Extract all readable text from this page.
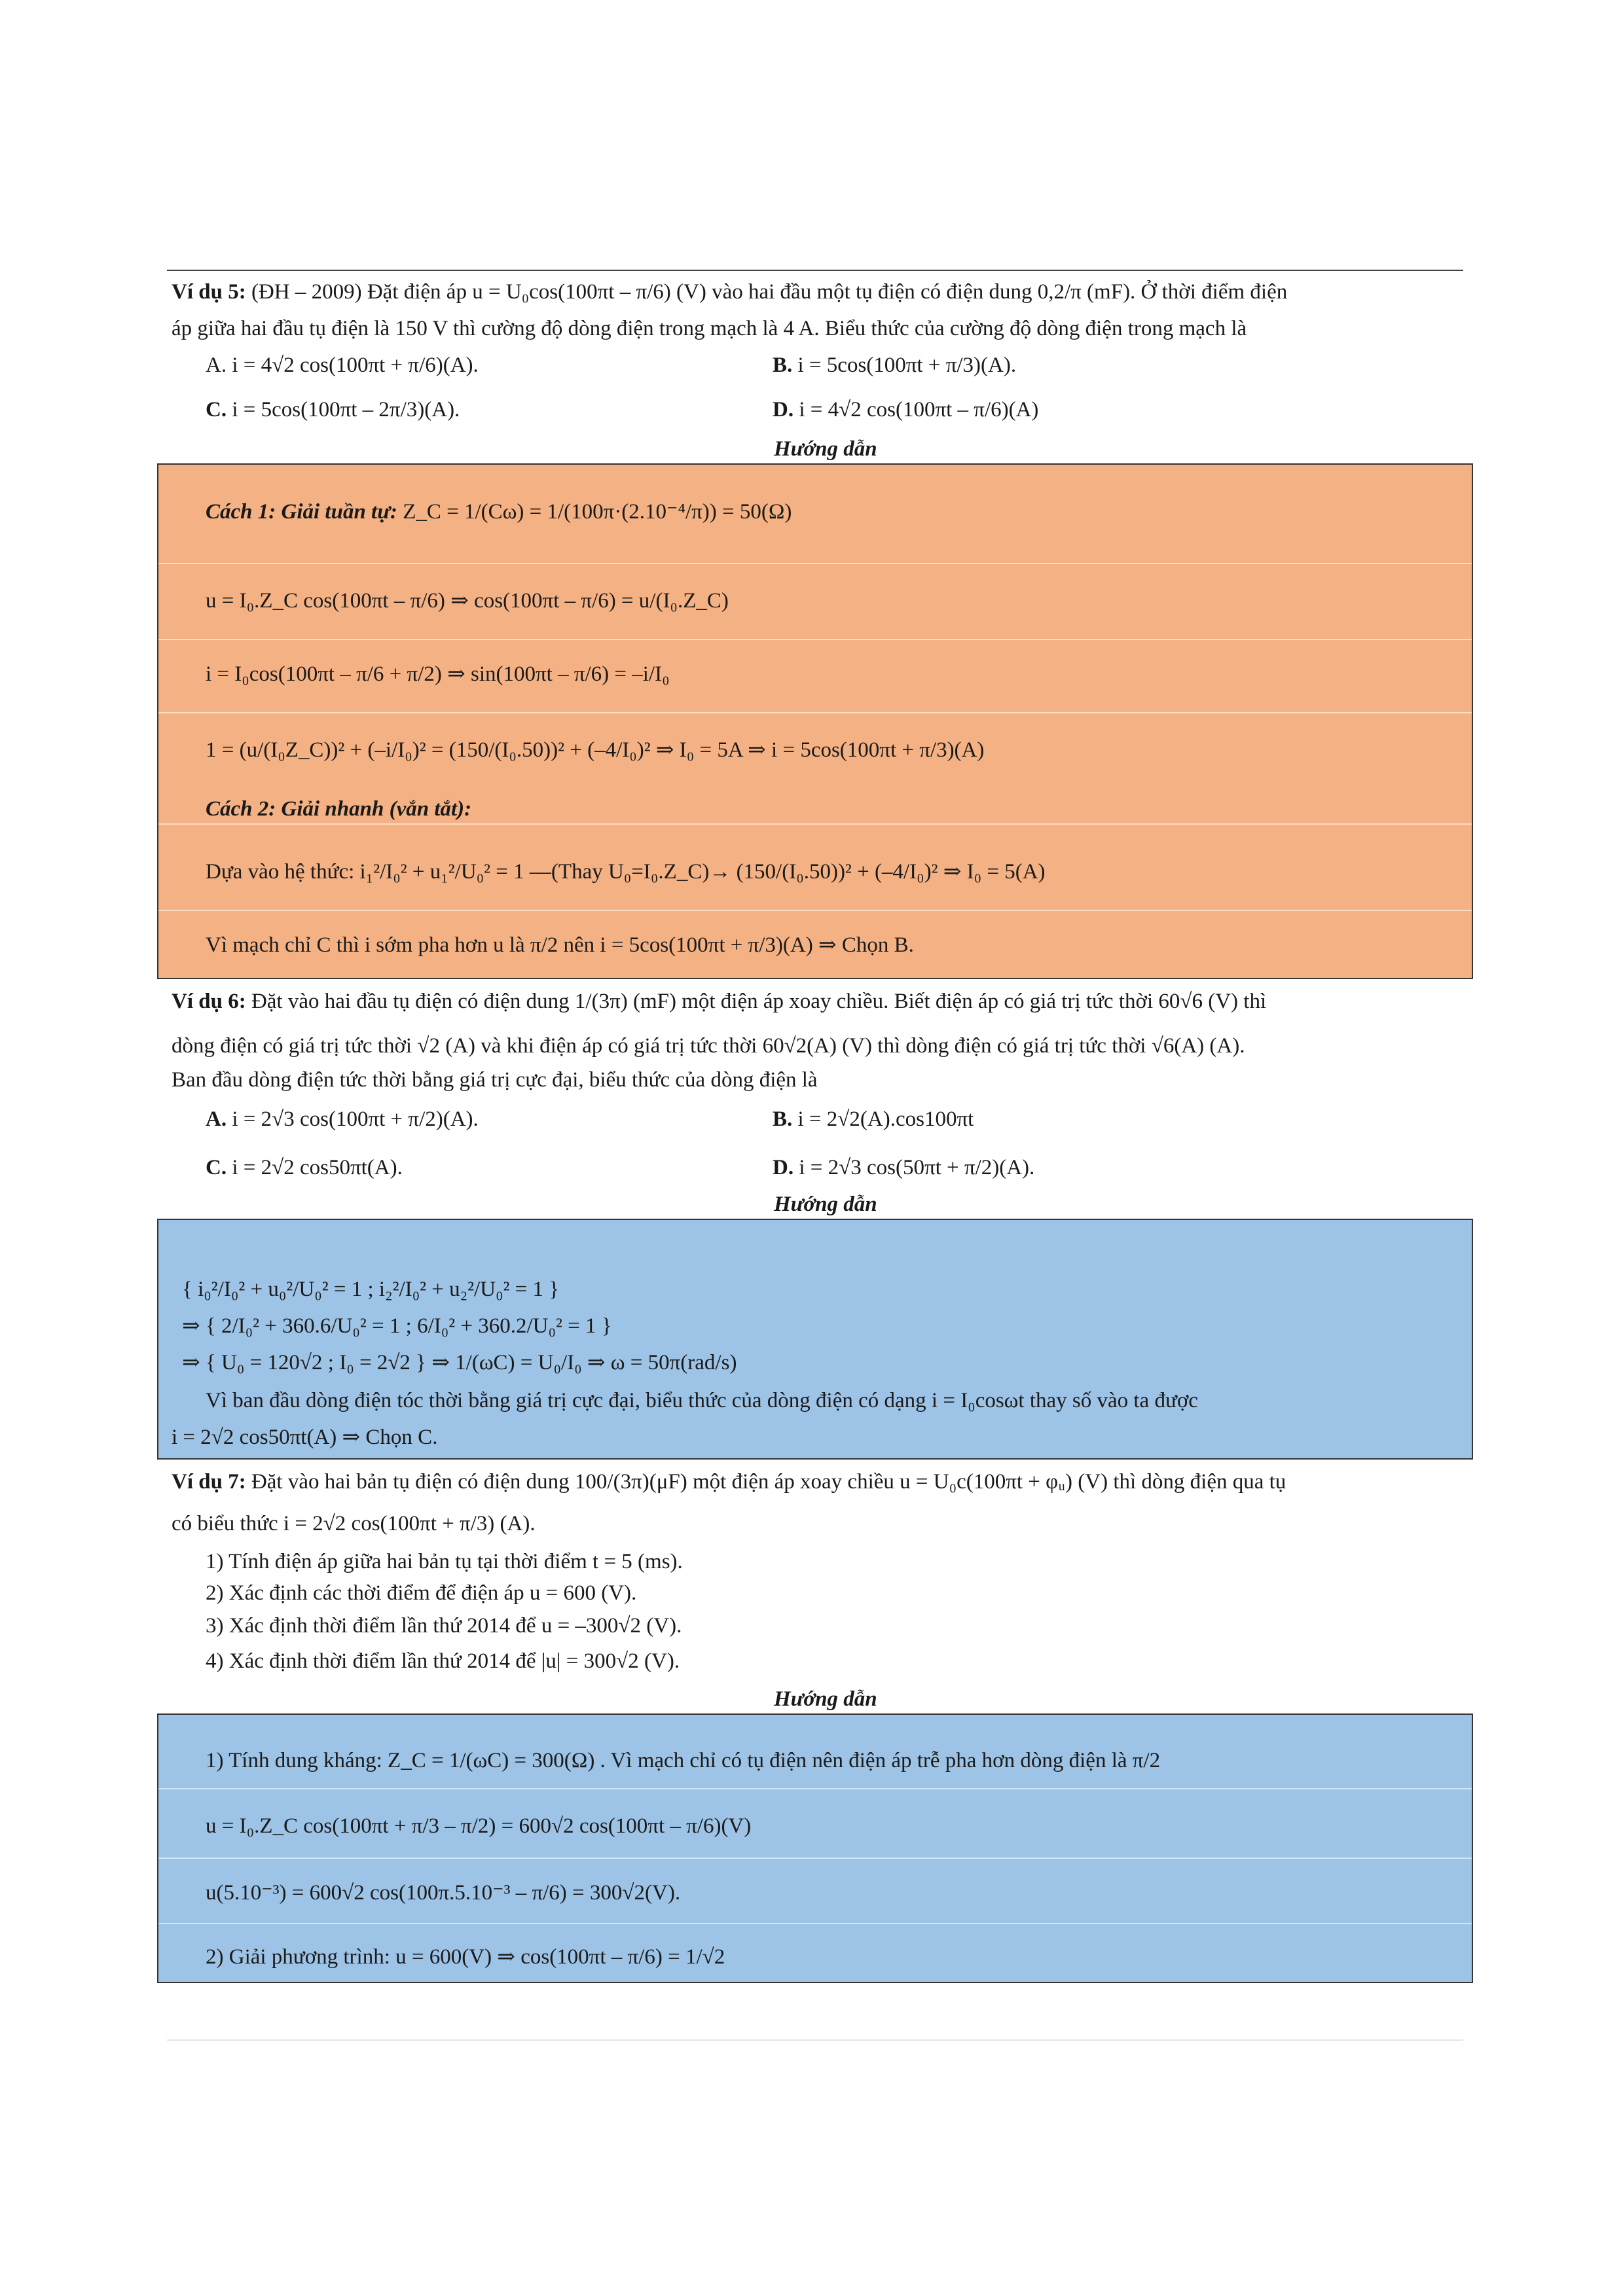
Ví dụ 5: (ĐH – 2009) Đặt điện áp u = U₀cos(100πt – π/6) (V) vào hai đầu một tụ điện có điện dung 0,2/π (mF). Ở thời điểm điện
áp giữa hai đầu tụ điện là 150 V thì cường độ dòng điện trong mạch là 4 A. Biểu thức của cường độ dòng điện trong mạch là
A. i = 4√2 cos(100πt + π/6)(A).	B. i = 5cos(100πt + π/3)(A).
C. i = 5cos(100πt – 2π/3)(A).	D. i = 4√2 cos(100πt – π/6)(A)
Hướng dẫn
Cách 1: Giải tuần tự: Z_C = 1/(Cω) = 1/(100π·(2.10⁻⁴/π)) = 50(Ω)
u = I₀.Z_C cos(100πt – π/6) ⇒ cos(100πt – π/6) = u/(I₀.Z_C)
i = I₀cos(100πt – π/6 + π/2) ⇒ sin(100πt – π/6) = –i/I₀
1 = (u/(I₀Z_C))² + (–i/I₀)² = (150/(I₀.50))² + (–4/I₀)² ⇒ I₀ = 5A ⇒ i = 5cos(100πt + π/3)(A)
Cách 2: Giải nhanh (vắn tắt):
Dựa vào hệ thức: i₁²/I₀² + u₁²/U₀² = 1 —(Thay U₀=I₀.Z_C)→ (150/(I₀.50))² + (–4/I₀)² ⇒ I₀ = 5(A)
Vì mạch chỉ C thì i sớm pha hơn u là π/2 nên i = 5cos(100πt + π/3)(A) ⇒ Chọn B.
Ví dụ 6: Đặt vào hai đầu tụ điện có điện dung 1/(3π) (mF) một điện áp xoay chiều. Biết điện áp có giá trị tức thời 60√6 (V) thì
dòng điện có giá trị tức thời √2 (A) và khi điện áp có giá trị tức thời 60√2(A) (V) thì dòng điện có giá trị tức thời √6(A) (A).
Ban đầu dòng điện tức thời bằng giá trị cực đại, biểu thức của dòng điện là
A. i = 2√3 cos(100πt + π/2)(A).	B. i = 2√2(A).cos100πt
C. i = 2√2 cos50πt(A).	D. i = 2√3 cos(50πt + π/2)(A).
Hướng dẫn
{ i₀²/I₀² + u₀²/U₀² = 1 ; i₂²/I₀² + u₂²/U₀² = 1 }
⇒ { 2/I₀² + 360.6/U₀² = 1 ; 6/I₀² + 360.2/U₀² = 1 }
⇒ { U₀ = 120√2 ; I₀ = 2√2 } ⇒ 1/(ωC) = U₀/I₀ ⇒ ω = 50π(rad/s)
Vì ban đầu dòng điện tóc thời bằng giá trị cực đại, biểu thức của dòng điện có dạng i = I₀cosωt thay số vào ta được
i = 2√2 cos50πt(A) ⇒ Chọn C.
Ví dụ 7: Đặt vào hai bản tụ điện có điện dung 100/(3π)(μF) một điện áp xoay chiều u = U₀c(100πt + φᵤ) (V) thì dòng điện qua tụ
có biểu thức i = 2√2 cos(100πt + π/3) (A).
1) Tính điện áp giữa hai bản tụ tại thời điểm t = 5 (ms).
2) Xác định các thời điểm để điện áp u = 600 (V).
3) Xác định thời điểm lần thứ 2014 để u = –300√2 (V).
4) Xác định thời điểm lần thứ 2014 để |u| = 300√2 (V).
Hướng dẫn
1) Tính dung kháng: Z_C = 1/(ωC) = 300(Ω) . Vì mạch chỉ có tụ điện nên điện áp trễ pha hơn dòng điện là π/2
u = I₀.Z_C cos(100πt + π/3 – π/2) = 600√2 cos(100πt – π/6)(V)
u(5.10⁻³) = 600√2 cos(100π.5.10⁻³ – π/6) = 300√2(V).
2) Giải phương trình: u = 600(V) ⇒ cos(100πt – π/6) = 1/√2
